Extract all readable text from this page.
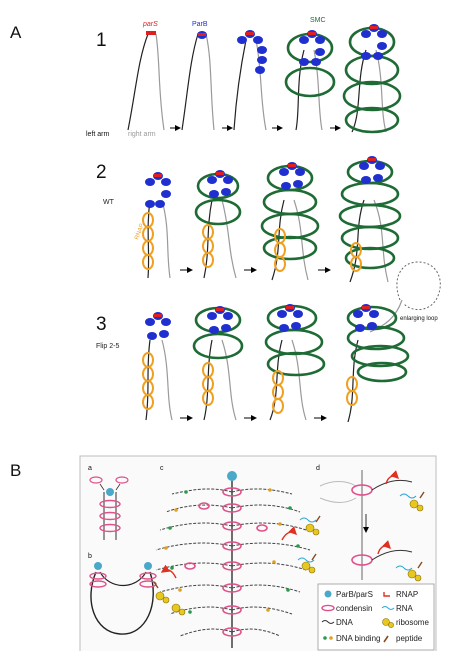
A	1
parS
left arm	right arm
ParB
SMC
2
WT
RNAP
3
Flip 2-5
enlarging loop
B	a
b
c	d
ParB/parS
condensin
DNA
DNA binding
RNAP
RNA
ribosome
peptide
